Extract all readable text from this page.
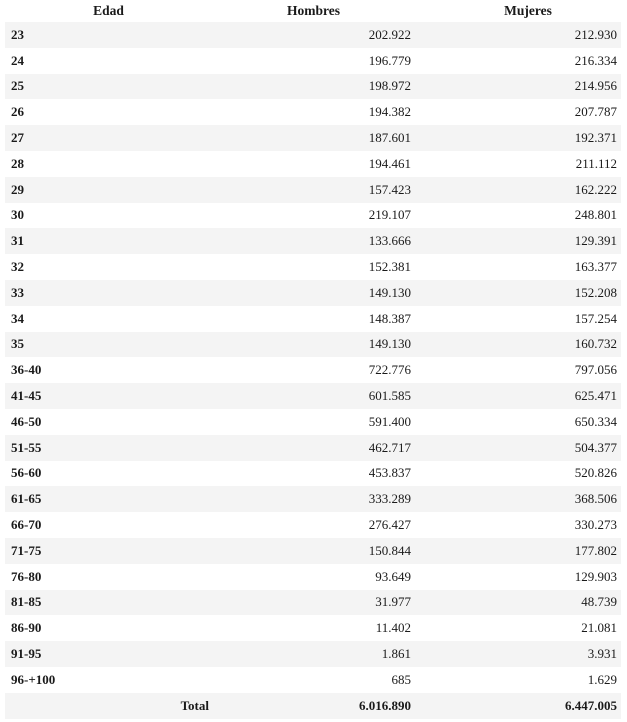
Edad	Hombres	Mujeres
23	202.922	212.930
24	196.779	216.334
25	198.972	214.956
26	194.382	207.787
27	187.601	192.371
28	194.461	211.112
29	157.423	162.222
30	219.107	248.801
31	133.666	129.391
32	152.381	163.377
33	149.130	152.208
34	148.387	157.254
35	149.130	160.732
36-40	722.776	797.056
41-45	601.585	625.471
46-50	591.400	650.334
51-55	462.717	504.377
56-60	453.837	520.826
61-65	333.289	368.506
66-70	276.427	330.273
71-75	150.844	177.802
76-80	93.649	129.903
81-85	31.977	48.739
86-90	11.402	21.081
91-95	1.861	3.931
96-+100	685	1.629
Total	6.016.890	6.447.005
